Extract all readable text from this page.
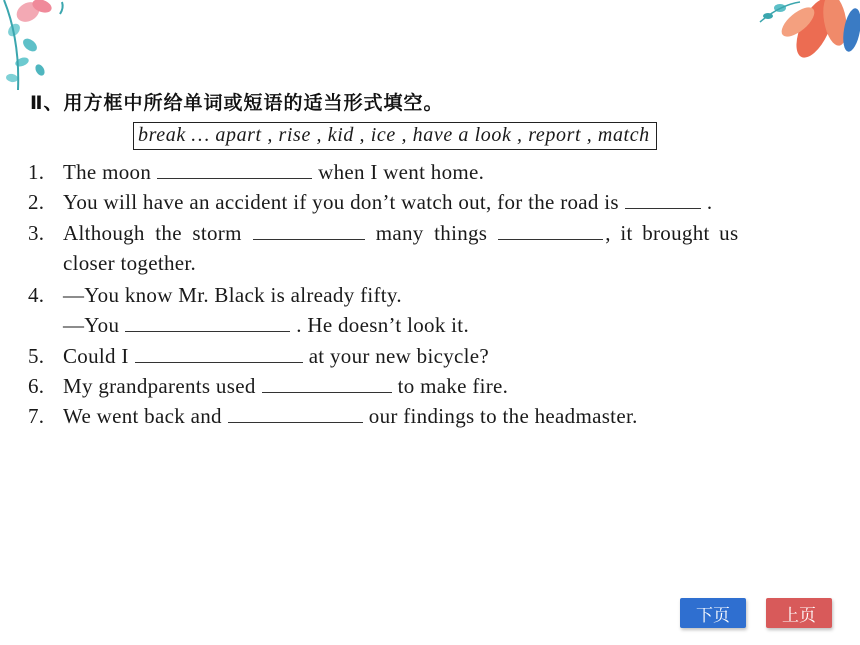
Ⅱ、用方框中所给单词或短语的适当形式填空。
break … apart , rise , kid , ice , have a look , report , match
1. The moon	when I went home.
2. You will have an accident if you don’t watch out, for the road is	.
3. Although the storm	many things	, it brought us
closer together.
4. —You know Mr. Black is already fifty.
—You	. He doesn’t look it.
5. Could I	at your new bicycle?
6. My grandparents used	to make fire.
7. We went back and	our findings to the headmaster.
下页	上页
